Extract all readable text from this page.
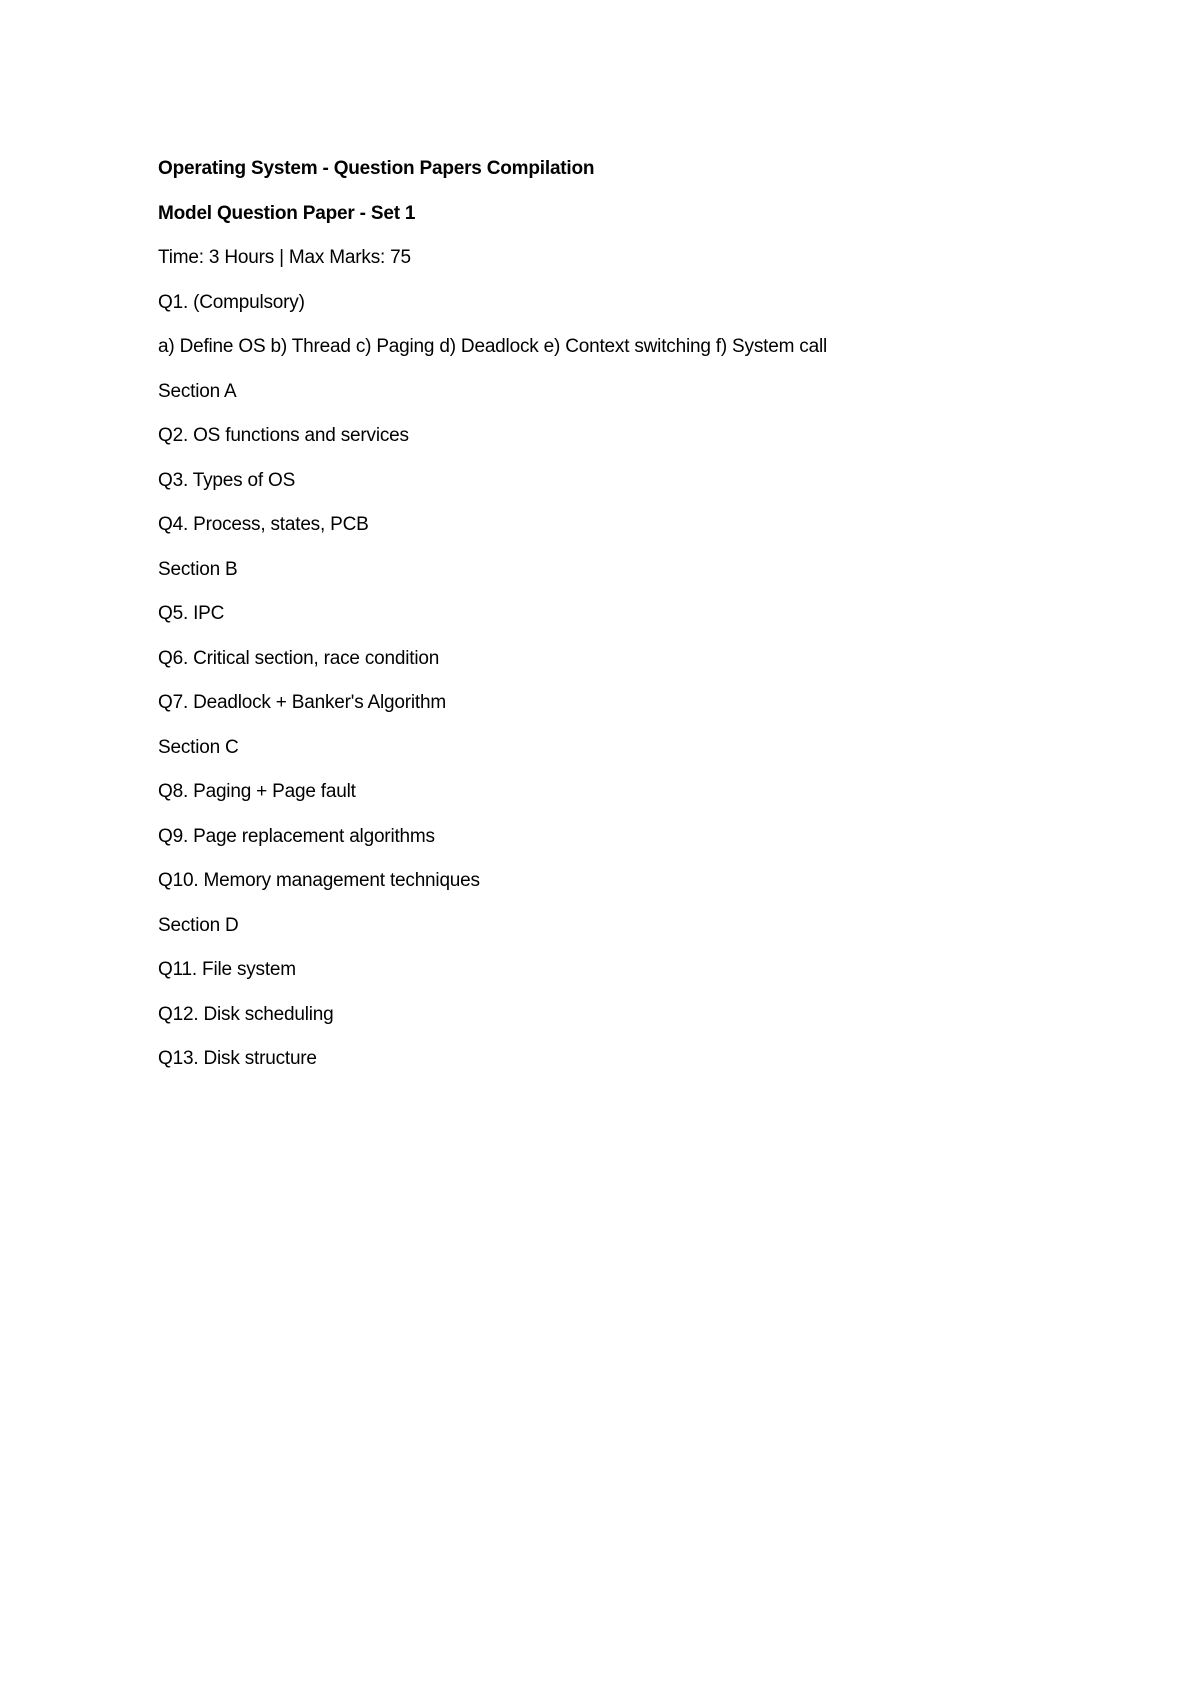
Operating System - Question Papers Compilation
Model Question Paper - Set 1
Time: 3 Hours | Max Marks: 75
Q1. (Compulsory)
a) Define OS b) Thread c) Paging d) Deadlock e) Context switching f) System call
Section A
Q2. OS functions and services
Q3. Types of OS
Q4. Process, states, PCB
Section B
Q5. IPC
Q6. Critical section, race condition
Q7. Deadlock + Banker's Algorithm
Section C
Q8. Paging + Page fault
Q9. Page replacement algorithms
Q10. Memory management techniques
Section D
Q11. File system
Q12. Disk scheduling
Q13. Disk structure
